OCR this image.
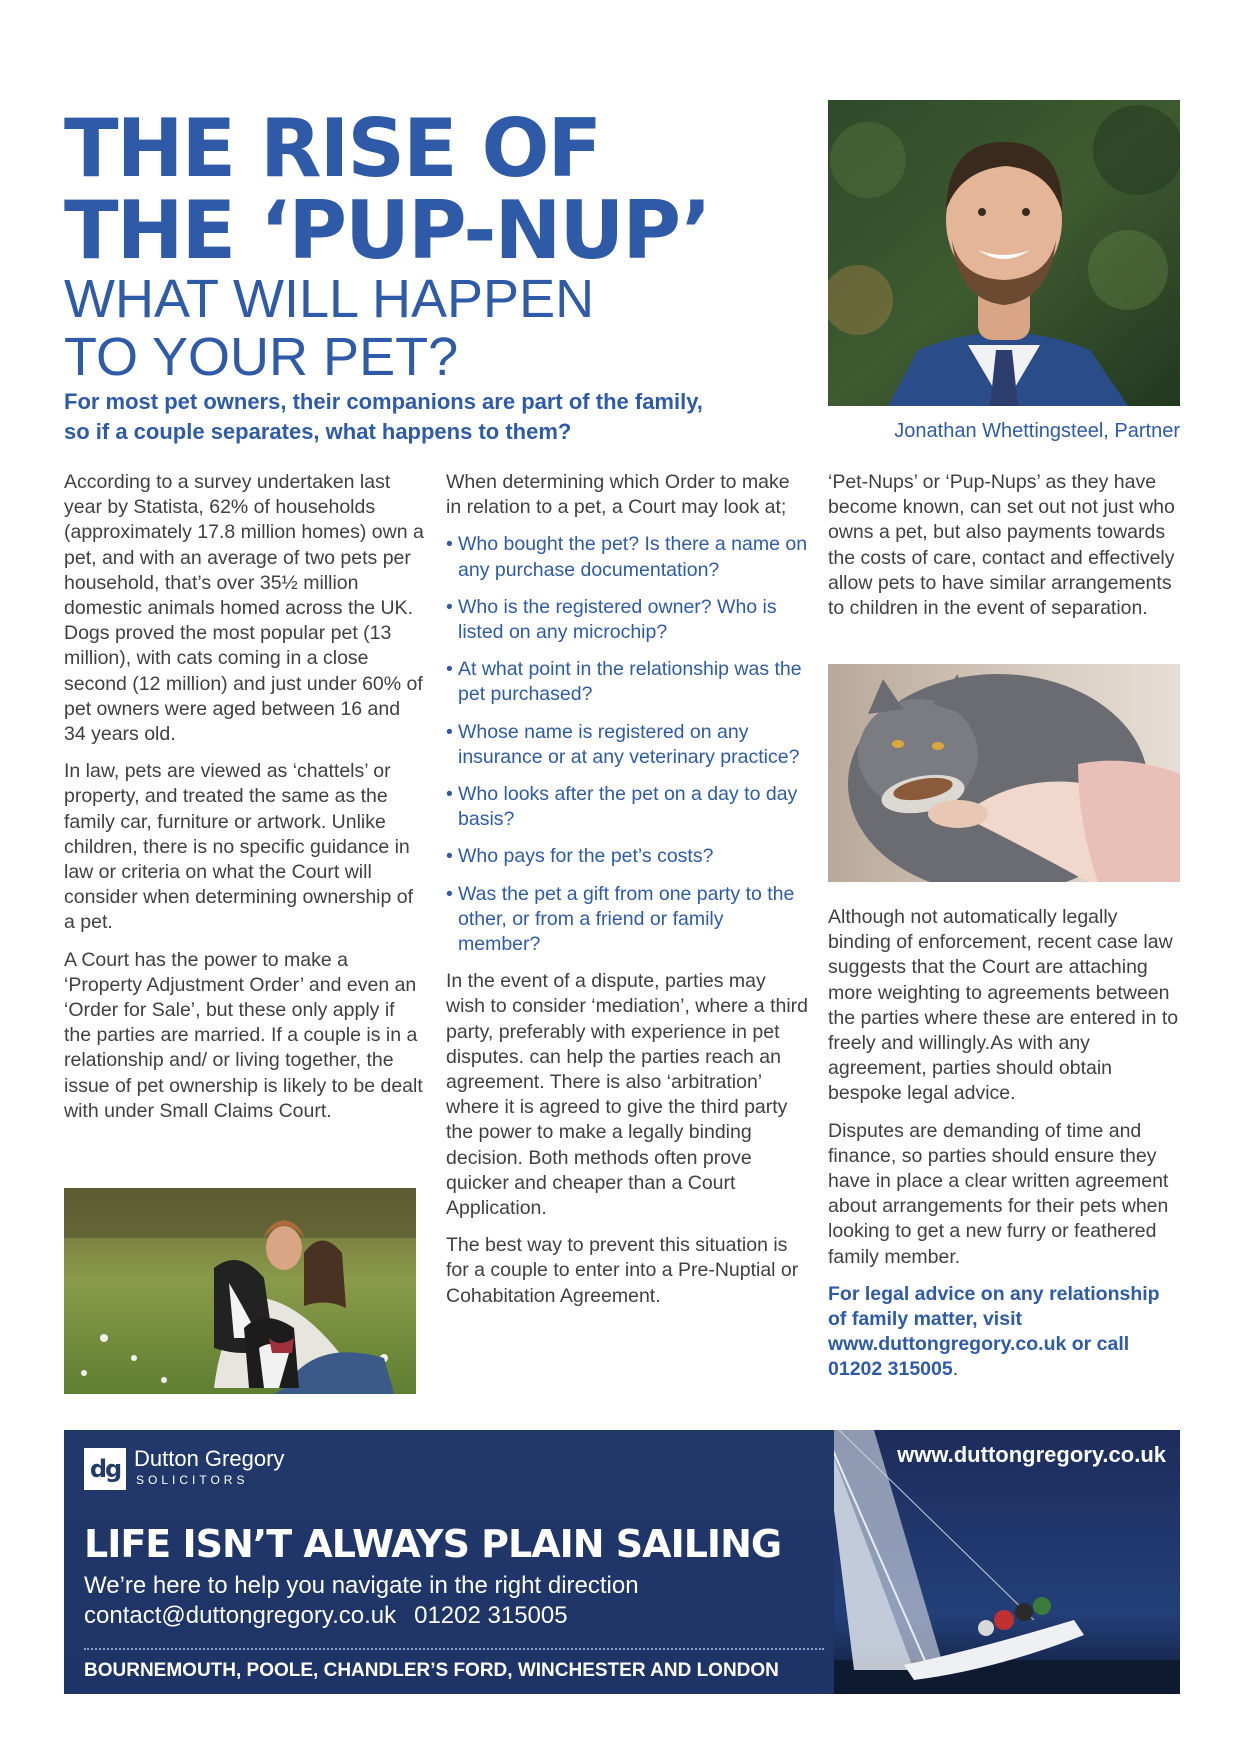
THE RISE OF
THE ‘PUP-NUP’
WHAT WILL HAPPEN
TO YOUR PET?

For most pet owners, their companions are part of the family,
so if a couple separates, what happens to them?	Jonathan Whettingsteel, Partner

According to a survey undertaken last year by Statista, 62% of households (approximately 17.8 million homes) own a pet, and with an average of two pets per household, that’s over 35½ million domestic animals homed across the UK. Dogs proved the most popular pet (13 million), with cats coming in a close second (12 million) and just under 60% of pet owners were aged between 16 and 34 years old.

In law, pets are viewed as ‘chattels’ or property, and treated the same as the family car, furniture or artwork. Unlike children, there is no specific guidance in law or criteria on what the Court will consider when determining ownership of a pet.

A Court has the power to make a ‘Property Adjustment Order’ and even an ‘Order for Sale’, but these only apply if the parties are married. If a couple is in a relationship and/ or living together, the issue of pet ownership is likely to be dealt with under Small Claims Court.

When determining which Order to make in relation to a pet, a Court may look at;

• Who bought the pet? Is there a name on any purchase documentation?
• Who is the registered owner? Who is listed on any microchip?
• At what point in the relationship was the pet purchased?
• Whose name is registered on any insurance or at any veterinary practice?
• Who looks after the pet on a day to day basis?
• Who pays for the pet’s costs?
• Was the pet a gift from one party to the other, or from a friend or family member?

In the event of a dispute, parties may wish to consider ‘mediation’, where a third party, preferably with experience in pet disputes. can help the parties reach an agreement. There is also ‘arbitration’ where it is agreed to give the third party the power to make a legally binding decision. Both methods often prove quicker and cheaper than a Court Application.

The best way to prevent this situation is for a couple to enter into a Pre-Nuptial or Cohabitation Agreement.

‘Pet-Nups’ or ‘Pup-Nups’ as they have become known, can set out not just who owns a pet, but also payments towards the costs of care, contact and effectively allow pets to have similar arrangements to children in the event of separation.

Although not automatically legally binding of enforcement, recent case law suggests that the Court are attaching more weighting to agreements between the parties where these are entered in to freely and willingly.As with any agreement, parties should obtain bespoke legal advice.

Disputes are demanding of time and finance, so parties should ensure they have in place a clear written agreement about arrangements for their pets when looking to get a new furry or feathered family member.

For legal advice on any relationship of family matter, visit www.duttongregory.co.uk or call 01202 315005.

dg Dutton Gregory
SOLICITORS
www.duttongregory.co.uk
LIFE ISN’T ALWAYS PLAIN SAILING
We’re here to help you navigate in the right direction
contact@duttongregory.co.uk 01202 315005
BOURNEMOUTH, POOLE, CHANDLER’S FORD, WINCHESTER AND LONDON
